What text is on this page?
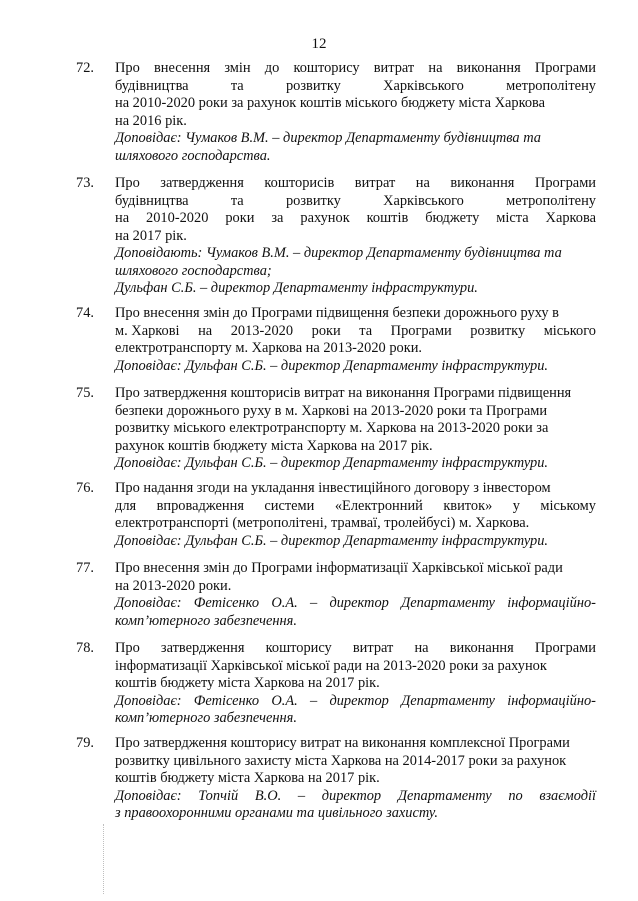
12
72.	Про внесення змін до кошторису витрат на виконання Програми
будівництва	та	розвитку	Харківського	метрополітену
на 2010-2020 роки за рахунок коштів міського бюджету міста Харкова
на 2016 рік.
Доповідає: Чумаков В.М. – директор Департаменту будівництва та
шляхового господарства.
73.	Про затвердження кошторисів витрат на виконання Програми
будівництва	та	розвитку	Харківського	метрополітену
на 2010-2020 роки за рахунок коштів бюджету міста Харкова
на 2017 рік.
Доповідають: Чумаков В.М. – директор Департаменту будівництва та
шляхового господарства;
Дульфан С.Б. – директор Департаменту інфраструктури.
74.	Про внесення змін до Програми підвищення безпеки дорожнього руху в
м. Харкові на 2013-2020 роки та Програми розвитку міського
електротранспорту м. Харкова на 2013-2020 роки.
Доповідає: Дульфан С.Б. – директор Департаменту інфраструктури.
75.	Про затвердження кошторисів витрат на виконання Програми підвищення
безпеки дорожнього руху в м. Харкові на 2013-2020 роки та Програми
розвитку міського електротранспорту м. Харкова на 2013-2020 роки за
рахунок коштів бюджету міста Харкова на 2017 рік.
Доповідає: Дульфан С.Б. – директор Департаменту інфраструктури.
76.	Про надання згоди на укладання інвестиційного договору з інвестором
для впровадження системи «Електронний квиток» у міському
електротранспорті (метрополітені, трамваї, тролейбусі) м. Харкова.
Доповідає: Дульфан С.Б. – директор Департаменту інфраструктури.
77.	Про внесення змін до Програми інформатизації Харківської міської ради
на 2013-2020 роки.
Доповідає: Фетісенко О.А. – директор Департаменту інформаційно-
комп’ютерного забезпечення.
78.	Про затвердження кошторису витрат на виконання Програми
інформатизації Харківської міської ради на 2013-2020 роки за рахунок
коштів бюджету міста Харкова на 2017 рік.
Доповідає: Фетісенко О.А. – директор Департаменту інформаційно-
комп’ютерного забезпечення.
79.	Про затвердження кошторису витрат на виконання комплексної Програми
розвитку цивільного захисту міста Харкова на 2014-2017 роки за рахунок
коштів бюджету міста Харкова на 2017 рік.
Доповідає: Топчій В.О. – директор Департаменту по взаємодії
з правоохоронними органами та цивільного захисту.
